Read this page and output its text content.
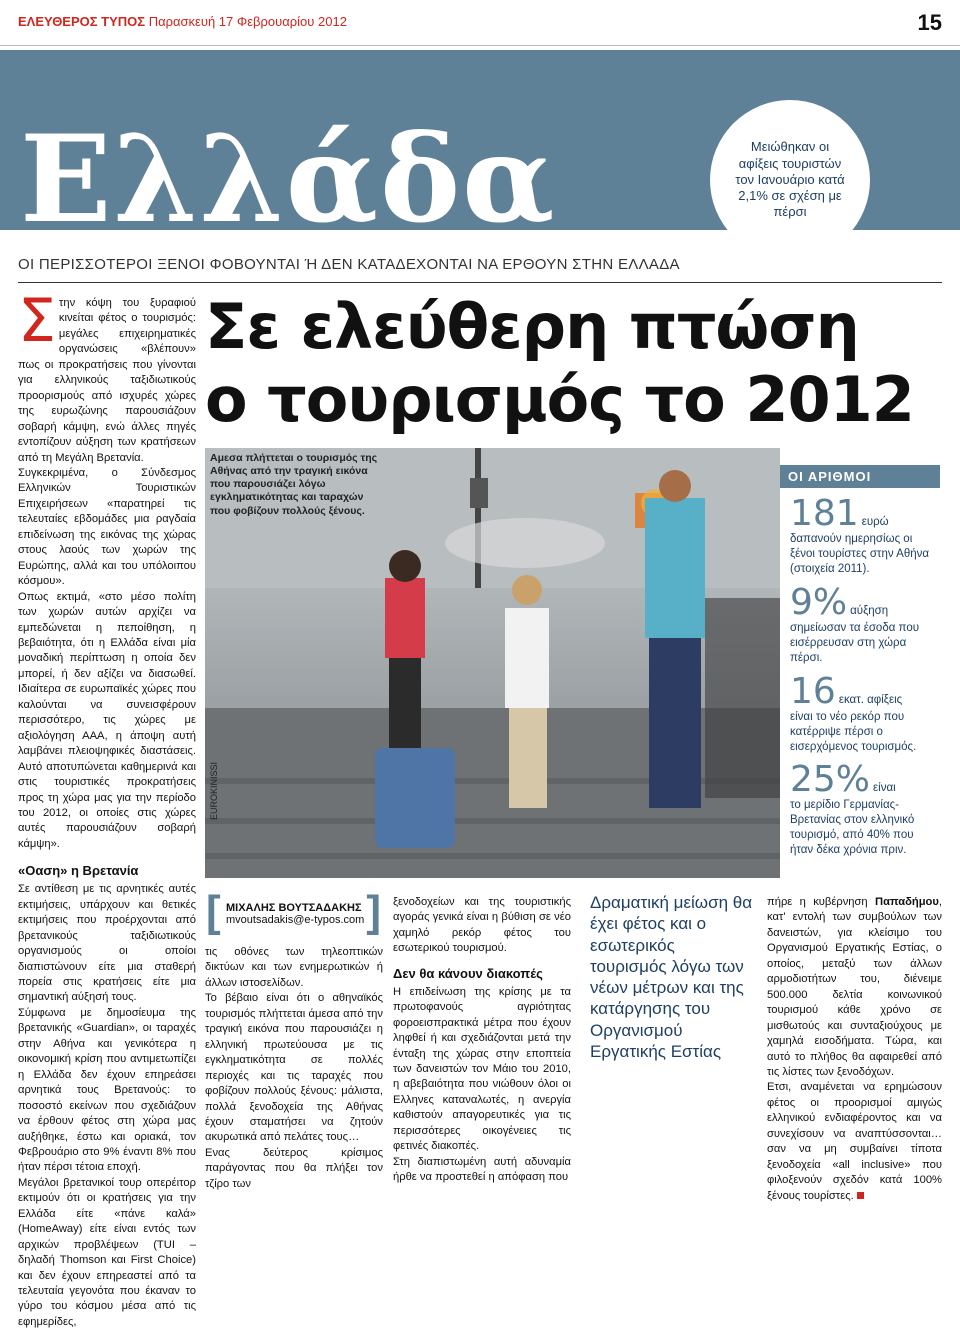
ΕΛΕΥΘΕΡΟΣ ΤΥΠΟΣ Παρασκευή 17 Φεβρουαρίου 2012	15
Ελλάδα	Μειώθηκαν οι αφίξεις τουριστών τον Ιανουάριο κατά 2,1% σε σχέση με πέρσι
ΟΙ ΠΕΡΙΣΣΟΤΕΡΟΙ ΞΕΝΟΙ ΦΟΒΟΥΝΤΑΙ Ή ΔΕΝ ΚΑΤΑΔΕΧΟΝΤΑΙ ΝΑ ΕΡΘΟΥΝ ΣΤΗΝ ΕΛΛΑΔΑ
Σε ελεύθερη πτώση
ο τουρισμός το 2012

Στην κόψη του ξυραφιού κινείται φέτος ο τουρισμός: μεγάλες επιχειρηματικές οργανώσεις «βλέπουν» πως οι προκρατήσεις που γίνονται για ελληνικούς ταξιδιωτικούς προορισμούς από ισχυρές χώρες της ευρωζώνης παρουσιάζουν σοβαρή κάμψη, ενώ άλλες πηγές εντοπίζουν αύξηση των κρατήσεων από τη Μεγάλη Βρετανία.

Συγκεκριμένα, ο Σύνδεσμος Ελληνικών Τουριστικών Επιχειρήσεων «παρατηρεί τις τελευταίες εβδομάδες μια ραγδαία επιδείνωση της εικόνας της χώρας στους λαούς των χωρών της Ευρώπης, αλλά και του υπόλοιπου κόσμου».

Οπως εκτιμά, «στο μέσο πολίτη των χωρών αυτών αρχίζει να εμπεδώνεται η πεποίθηση, η βεβαιότητα, ότι η Ελλάδα είναι μία μοναδική περίπτωση η οποία δεν μπορεί, ή δεν αξίζει να διασωθεί. Ιδιαίτερα σε ευρωπαϊκές χώρες που καλούνται να συνεισφέρουν περισσότερο, τις χώρες με αξιολόγηση ΑΑΑ, η άποψη αυτή λαμβάνει πλειοψηφικές διαστάσεις. Αυτό αποτυπώνεται καθημερινά και στις τουριστικές προκρατήσεις προς τη χώρα μας για την περίοδο του 2012, οι οποίες στις χώρες αυτές παρουσιάζουν σοβαρή κάμψη».

«Οαση» η Βρετανία

Σε αντίθεση με τις αρνητικές αυτές εκτιμήσεις, υπάρχουν και θετικές εκτιμήσεις που προέρχονται από βρετανικούς ταξιδιωτικούς οργανισμούς οι οποίοι διαπιστώνουν είτε μια σταθερή πορεία στις κρατήσεις είτε μια σημαντική αύξησή τους.

Σύμφωνα με δημοσίευμα της βρετανικής «Guardian», οι ταραχές στην Αθήνα και γενικότερα η οικονομική κρίση που αντιμετωπίζει η Ελλάδα δεν έχουν επηρεάσει αρνητικά τους Βρετανούς: το ποσοστό εκείνων που σχεδιάζουν να έρθουν φέτος στη χώρα μας αυξήθηκε, έστω και οριακά, τον Φεβρουάριο στο 9% έναντι 8% που ήταν πέρσι τέτοια εποχή.

Μεγάλοι βρετανικοί τουρ οπερέιτορ εκτιμούν ότι οι κρατήσεις για την Ελλάδα είτε «πάνε καλά» (HomeAway) είτε είναι εντός των αρχικών προβλέψεων (TUI – δηλαδή Thomson και First Choice) και δεν έχουν επηρεαστεί από τα τελευταία γεγονότα που έκαναν το γύρο του κόσμου μέσα από τις εφημερίδες,

Αμεσα πλήττεται ο τουρισμός της Αθήνας από την τραγική εικόνα που παρουσιάζει λόγω εγκληματικότητας και ταραχών που φοβίζουν πολλούς ξένους.
EUROKINISSI
ΟΙ ΑΡΙΘΜΟΙ
181 ευρώ
δαπανούν ημερησίως οι ξένοι τουρίστες στην Αθήνα (στοιχεία 2011).
9% αύξηση
σημείωσαν τα έσοδα που εισέρρευσαν στη χώρα πέρσι.
16 εκατ. αφίξεις
είναι το νέο ρεκόρ που κατέρριψε πέρσι ο εισερχόμενος τουρισμός.
25% είναι
το μερίδιο Γερμανίας-Βρετανίας στον ελληνικό τουρισμό, από 40% που ήταν δέκα χρόνια πριν.
[	]
ΜΙΧΑΛΗΣ ΒΟΥΤΣΑΔΑΚΗΣ
mvoutsadakis@e-typos.com

τις οθόνες των τηλεοπτικών δικτύων και των ενημερωτικών ή άλλων ιστοσελίδων.

Το βέβαιο είναι ότι ο αθηναϊκός τουρισμός πλήττεται άμεσα από την τραγική εικόνα που παρουσιάζει η ελληνική πρωτεύουσα με τις εγκληματικότητα σε πολλές περιοχές και τις ταραχές που φοβίζουν πολλούς ξένους: μάλιστα, πολλά ξενοδοχεία της Αθήνας έχουν σταματήσει να ζητούν ακυρωτικά από πελάτες τους…

Ενας δεύτερος κρίσιμος παράγοντας που θα πλήξει τον τζίρο των

ξενοδοχείων και της τουριστικής αγοράς γενικά είναι η βύθιση σε νέο χαμηλό ρεκόρ φέτος του εσωτερικού τουρισμού.

Δεν θα κάνουν διακοπές

Η επιδείνωση της κρίσης με τα πρωτοφανούς αγριότητας φοροεισπρακτικά μέτρα που έχουν ληφθεί ή και σχεδιάζονται μετά την ένταξη της χώρας στην εποπτεία των δανειστών τον Μάιο του 2010, η αβεβαιότητα που νιώθουν όλοι οι Ελληνες καταναλωτές, η ανεργία καθιστούν απαγορευτικές για τις περισσότερες οικογένειες τις φετινές διακοπές.

Στη διαπιστωμένη αυτή αδυναμία ήρθε να προστεθεί η απόφαση που

Δραματική μείωση θα έχει φέτος και ο εσωτερικός τουρισμός λόγω των νέων μέτρων και της κατάργησης του Οργανισμού Εργατικής Εστίας

πήρε η κυβέρνηση Παπαδήμου, κατ' εντολή των συμβούλων των δανειστών, για κλείσιμο του Οργανισμού Εργατικής Εστίας, ο οποίος, μεταξύ των άλλων αρμοδιοτήτων του, διένειμε 500.000 δελτία κοινωνικού τουρισμού κάθε χρόνο σε μισθωτούς και συνταξιούχους με χαμηλά εισοδήματα. Τώρα, και αυτό το πλήθος θα αφαιρεθεί από τις λίστες των ξενοδόχων.

Ετσι, αναμένεται να ερημώσουν φέτος οι προορισμοί αμιγώς ελληνικού ενδιαφέροντος και να συνεχίσουν να αναπτύσσονται… σαν να μη συμβαίνει τίποτα ξενοδοχεία «all inclusive» που φιλοξενούν σχεδόν κατά 100% ξένους τουρίστες.
